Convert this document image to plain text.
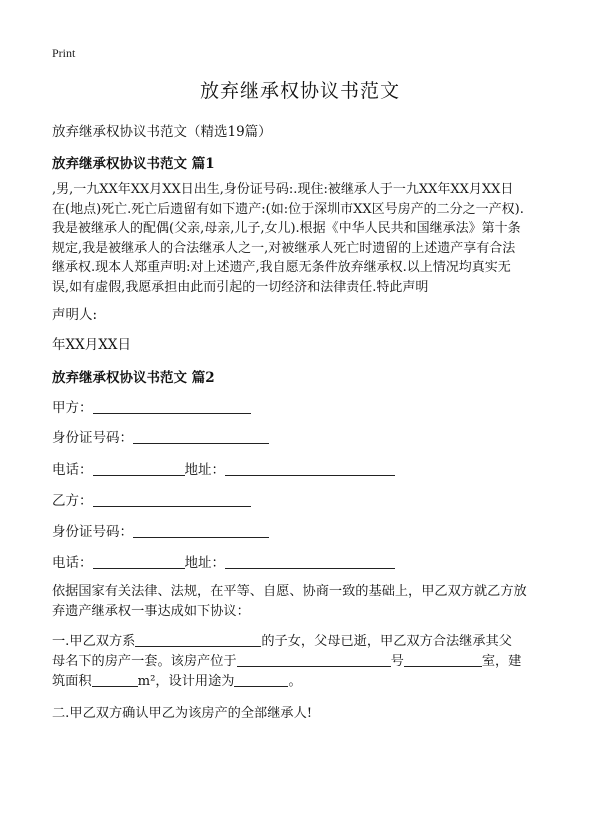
Print
放弃继承权协议书范文
放弃继承权协议书范文（精选19篇）
放弃继承权协议书范文 篇1
,男,一九XX年XX月XX日出生,身份证号码:.现住:被继承人于一九XX年XX月XX日
在(地点)死亡.死亡后遗留有如下遗产:(如:位于深圳市XX区号房产的二分之一产权).
我是被继承人的配偶(父亲,母亲,儿子,女儿).根据《中华人民共和国继承法》第十条
规定,我是被继承人的合法继承人之一,对被继承人死亡时遗留的上述遗产享有合法
继承权.现本人郑重声明:对上述遗产,我自愿无条件放弃继承权.以上情况均真实无
误,如有虚假,我愿承担由此而引起的一切经济和法律责任.特此声明
声明人:
年XX月XX日
放弃继承权协议书范文 篇2
甲方：
身份证号码：
电话：	地址：
乙方：
身份证号码：
电话：	地址：
依据国家有关法律、法规，在平等、自愿、协商一致的基础上，甲乙双方就乙方放
弃遗产继承权一事达成如下协议：
一.甲乙双方系	的子女，父母已逝，甲乙双方合法继承其父
母名下的房产一套。该房产位于	号	室，建
筑面积	m²，设计用途为	。
二.甲乙双方确认甲乙为该房产的全部继承人!
